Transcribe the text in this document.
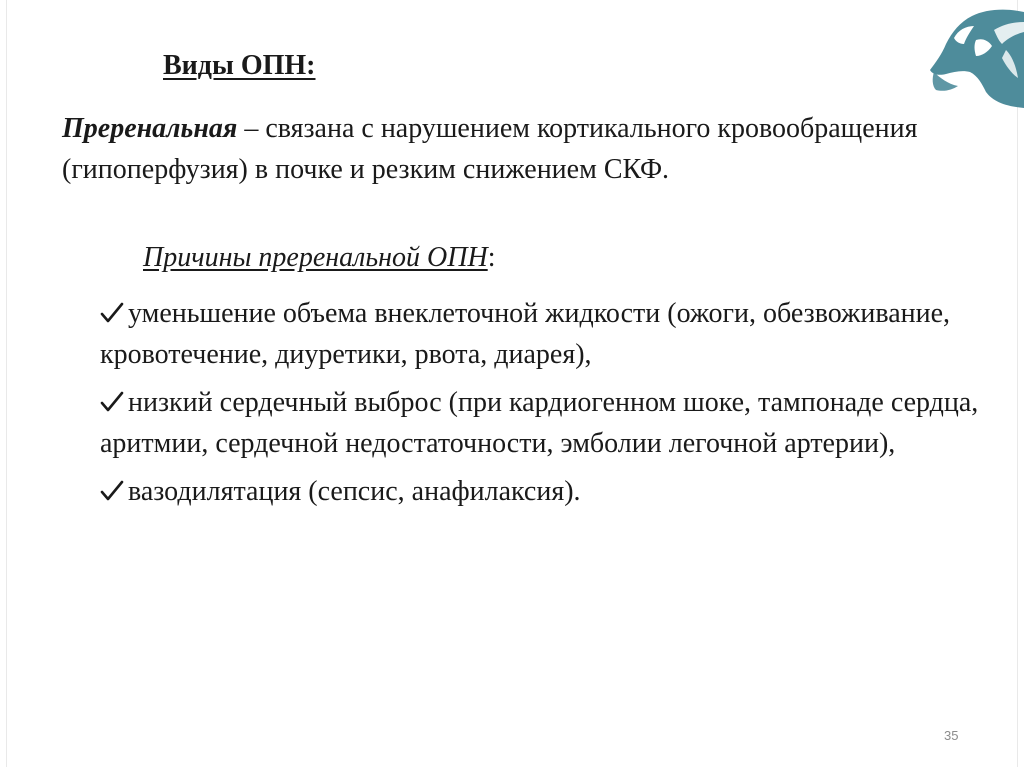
Виды ОПН:
Преренальная – связана с нарушением кортикального кровообращения (гипоперфузия) в почке и резким снижением СКФ.
Причины преренальной ОПН:
уменьшение объема внеклеточной жидкости (ожоги, обезвоживание, кровотечение, диуретики, рвота, диарея),
низкий сердечный выброс (при кардиогенном шоке, тампонаде сердца, аритмии, сердечной недостаточности, эмболии легочной артерии),
вазодилятация (сепсис, анафилаксия).
35
